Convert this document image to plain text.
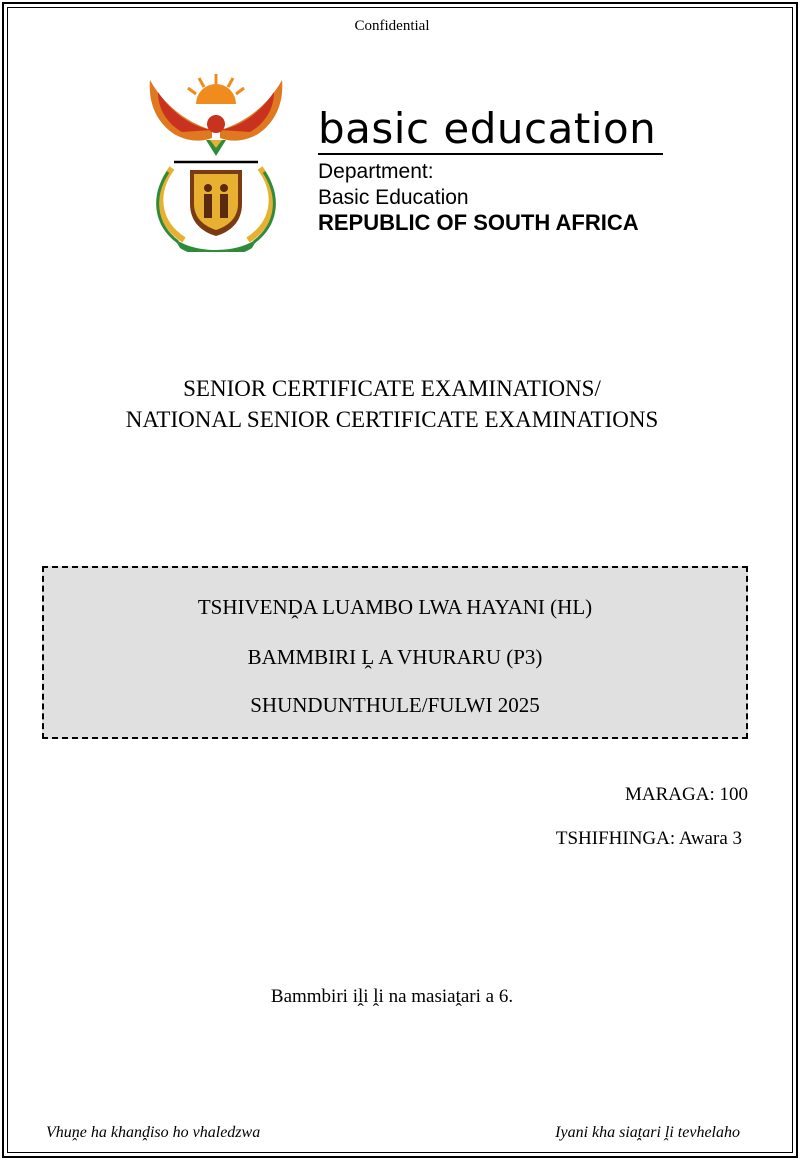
Confidential
basic education
Department:
Basic Education
REPUBLIC OF SOUTH AFRICA
SENIOR CERTIFICATE EXAMINATIONS/
NATIONAL SENIOR CERTIFICATE EXAMINATIONS
TSHIVENḒA LUAMBO LWA HAYANI (HL)
BAMMBIRI Ḽ A VHURARU (P3)
SHUNDUNTHULE/FULWI 2025
MARAGA: 100
TSHIFHINGA: Awara 3
Bammbiri iḽi ḽi na masiaṱari a 6.
Vhuṋe ha khanḓiso ho vhaledzwa	Iyani kha siaṱari ḽi tevhelaho
